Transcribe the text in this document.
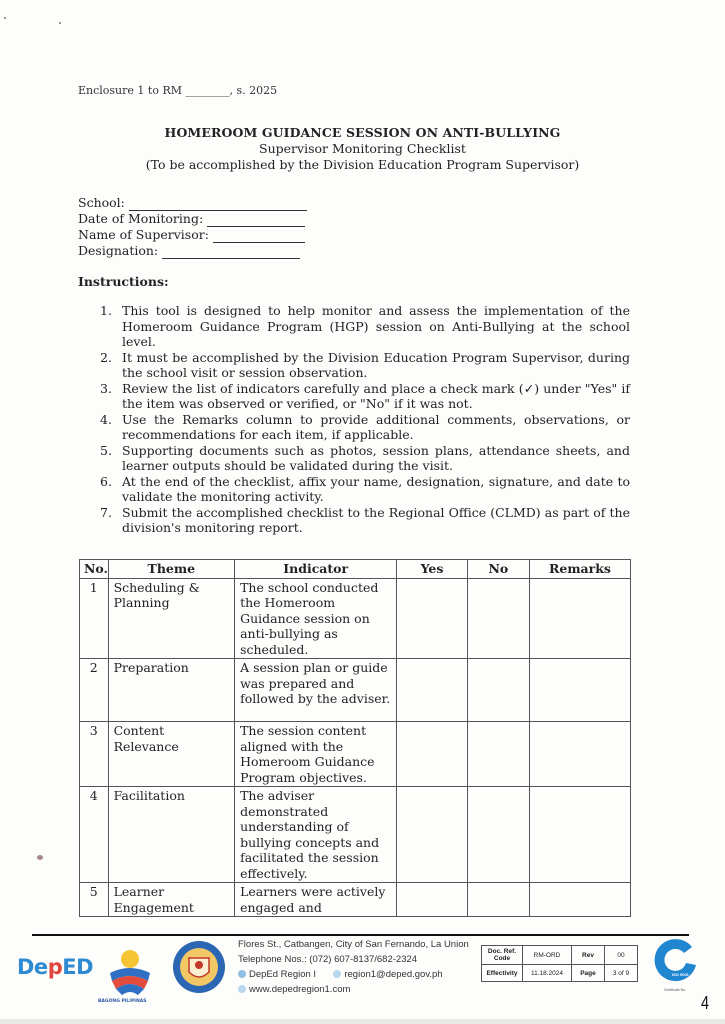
Enclosure 1 to RM ________, s. 2025
HOMEROOM GUIDANCE SESSION ON ANTI-BULLYING
Supervisor Monitoring Checklist
(To be accomplished by the Division Education Program Supervisor)
School:
Date of Monitoring:
Name of Supervisor:
Designation:
Instructions:
1. This tool is designed to help monitor and assess the implementation of the Homeroom Guidance Program (HGP) session on Anti-Bullying at the school level.
2. It must be accomplished by the Division Education Program Supervisor, during the school visit or session observation.
3. Review the list of indicators carefully and place a check mark (✓) under "Yes" if the item was observed or verified, or "No" if it was not.
4. Use the Remarks column to provide additional comments, observations, or recommendations for each item, if applicable.
5. Supporting documents such as photos, session plans, attendance sheets, and learner outputs should be validated during the visit.
6. At the end of the checklist, affix your name, designation, signature, and date to validate the monitoring activity.
7. Submit the accomplished checklist to the Regional Office (CLMD) as part of the division's monitoring report.
No.	Theme	Indicator	Yes	No	Remarks
1	Scheduling & Planning	The school conducted the Homeroom Guidance session on anti-bullying as scheduled.			
2	Preparation	A session plan or guide was prepared and followed by the adviser.			
3	Content Relevance	The session content aligned with the Homeroom Guidance Program objectives.			
4	Facilitation	The adviser demonstrated understanding of bullying concepts and facilitated the session effectively.			
5	Learner Engagement	Learners were actively engaged and			
DepED
BAGONG PILIPINAS
Flores St., Catbangen, City of San Fernando, La Union
Telephone Nos.: (072) 607-8137/682-2324
DepEd Region I	region1@deped.gov.ph
www.depedregion1.com
Doc. Ref. Code	RM-ORD	Rev	00
Effectivity	11.18.2024	Page	3 of 9
TÜV NORD
ISO 9001
Certificate No.
4
